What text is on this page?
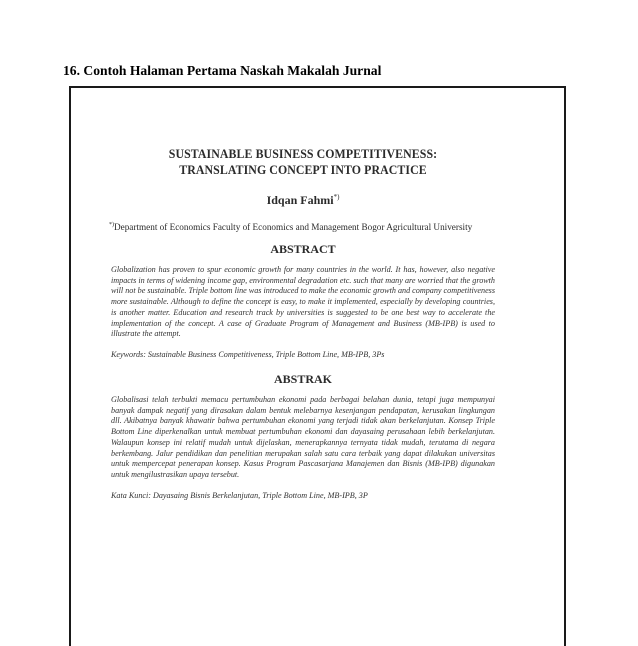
16. Contoh Halaman Pertama Naskah Makalah Jurnal
SUSTAINABLE BUSINESS COMPETITIVENESS:
TRANSLATING CONCEPT INTO PRACTICE
Idqan Fahmi*)
*)Department of Economics Faculty of Economics and Management Bogor Agricultural University
ABSTRACT
Globalization has proven to spur economic growth for many countries in the world. It has, however, also negative impacts in terms of widening income gap, environmental degradation etc. such that many are worried that the growth will not be sustainable. Triple bottom line was introduced to make the economic growth and company competitiveness more sustainable. Although to define the concept is easy, to make it implemented, especially by developing countries, is another matter. Education and research track by universities is suggested to be one best way to accelerate the implementation of the concept. A case of Graduate Program of Management and Business (MB-IPB) is used to illustrate the attempt.
Keywords: Sustainable Business Competitiveness, Triple Bottom Line, MB-IPB, 3Ps
ABSTRAK
Globalisasi telah terbukti memacu pertumbuhan ekonomi pada berbagai belahan dunia, tetapi juga mempunyai banyak dampak negatif yang dirasakan dalam bentuk melebarnya kesenjangan pendapatan, kerusakan lingkungan dll. Akibatnya banyak khawatir bahwa pertumbuhan ekonomi yang terjadi tidak akan berkelanjutan. Konsep Triple Bottom Line diperkenalkan untuk membuat pertumbuhan ekonomi dan dayasaing perusahaan lebih berkelanjutan. Walaupun konsep ini relatif mudah untuk dijelaskan, menerapkannya ternyata tidak mudah, terutama di negara berkembang. Jalur pendidikan dan penelitian merupakan salah satu cara terbaik yang dapat dilakukan universitas untuk mempercepat penerapan konsep. Kasus Program Pascasarjana Manajemen dan Bisnis (MB-IPB) digunakan untuk mengilustrasikan upaya tersebut.
Kata Kunci: Dayasaing Bisnis Berkelanjutan, Triple Bottom Line, MB-IPB, 3P
